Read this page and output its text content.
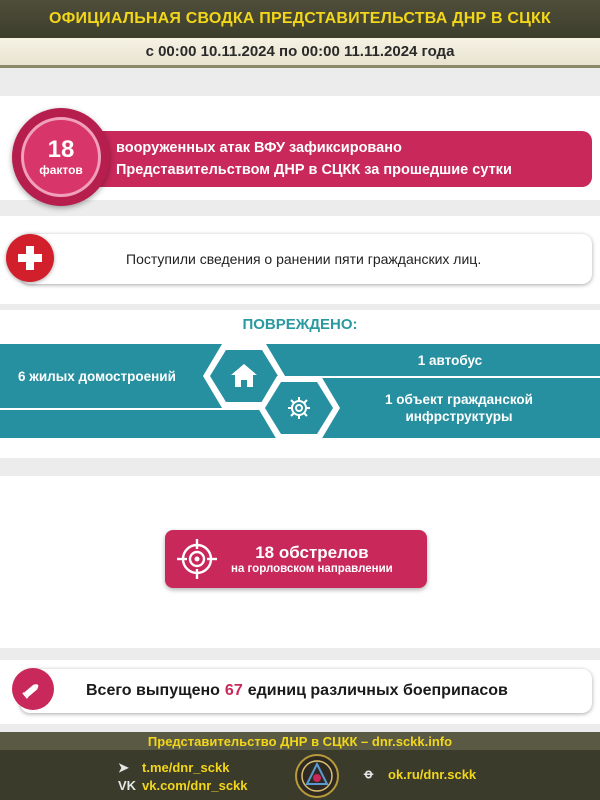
ОФИЦИАЛЬНАЯ СВОДКА ПРЕДСТАВИТЕЛЬСТВА ДНР В СЦКК
с 00:00 10.11.2024 по 00:00 11.11.2024 года
вооруженных атак ВФУ зафиксировано
Представительством ДНР в СЦКК за прошедшие сутки
18
фактов
Поступили сведения о ранении пяти гражданских лиц.
ПОВРЕЖДЕНО:
6 жилых домостроений
1 автобус
1 объект гражданской
инфрструктуры
18 обстрелов
на горловском направлении
Всего выпущено 67 единиц различных боеприпасов
Представительство ДНР в СЦКК – dnr.sckk.info
➤	t.me/dnr_sckk
VK vk.com/dnr_sckk
ꝋ	ok.ru/dnr.sckk
